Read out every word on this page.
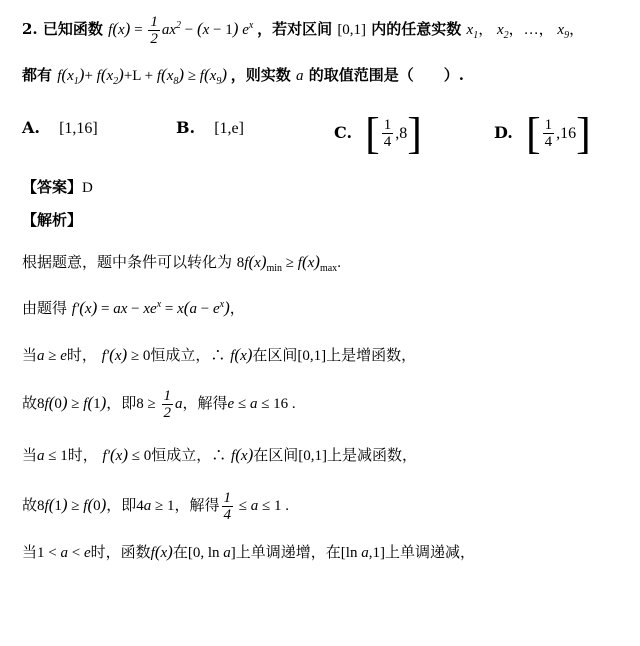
2. 已知函数 $f(x) = \frac{1}{2} ax^2 - (x - 1)$ $e^x$ ，若对区间 [0,1] 内的任意实数 $x_1$， $x_2$，…， $x_9$，
都有 $f(x_1)+ f(x_2)+L + f(x_8) \ge f(x_9)$ ，则实数 a 的取值范围是（　　）.
A. [1,16]	B. [1,e]	C. [ $\frac{1}{4} ,8$]	D. [ $\frac{1}{4} ,16$]
【答案】D
【解析】
根据题意，题中条件可以转化为 $8f(x)_{min} \ge f(x)_{max}$.
由题得 f′(x) = ax − $xe^x = x(a - e^x)$，
当a ≥ e时， f′(x) ≥ 0恒成立，∴ f(x)在区间[0,1]上是增函数，
故8f(0) ≥ f(1)，即$8 \ge \frac{1}{2}$ a，解得e ≤ a ≤ 16 .
当a ≤ 1时， f′(x) ≤ 0恒成立，∴ f(x)在区间[0,1]上是减函数，
故8f(1) ≥ f(0)，即4a ≥ 1，解得 $\frac{1}{4} \le a \le 1$ .
当1 < a < e时，函数f(x)在[0, ln a]上单调递增，在[ln a,1]上单调递减，
